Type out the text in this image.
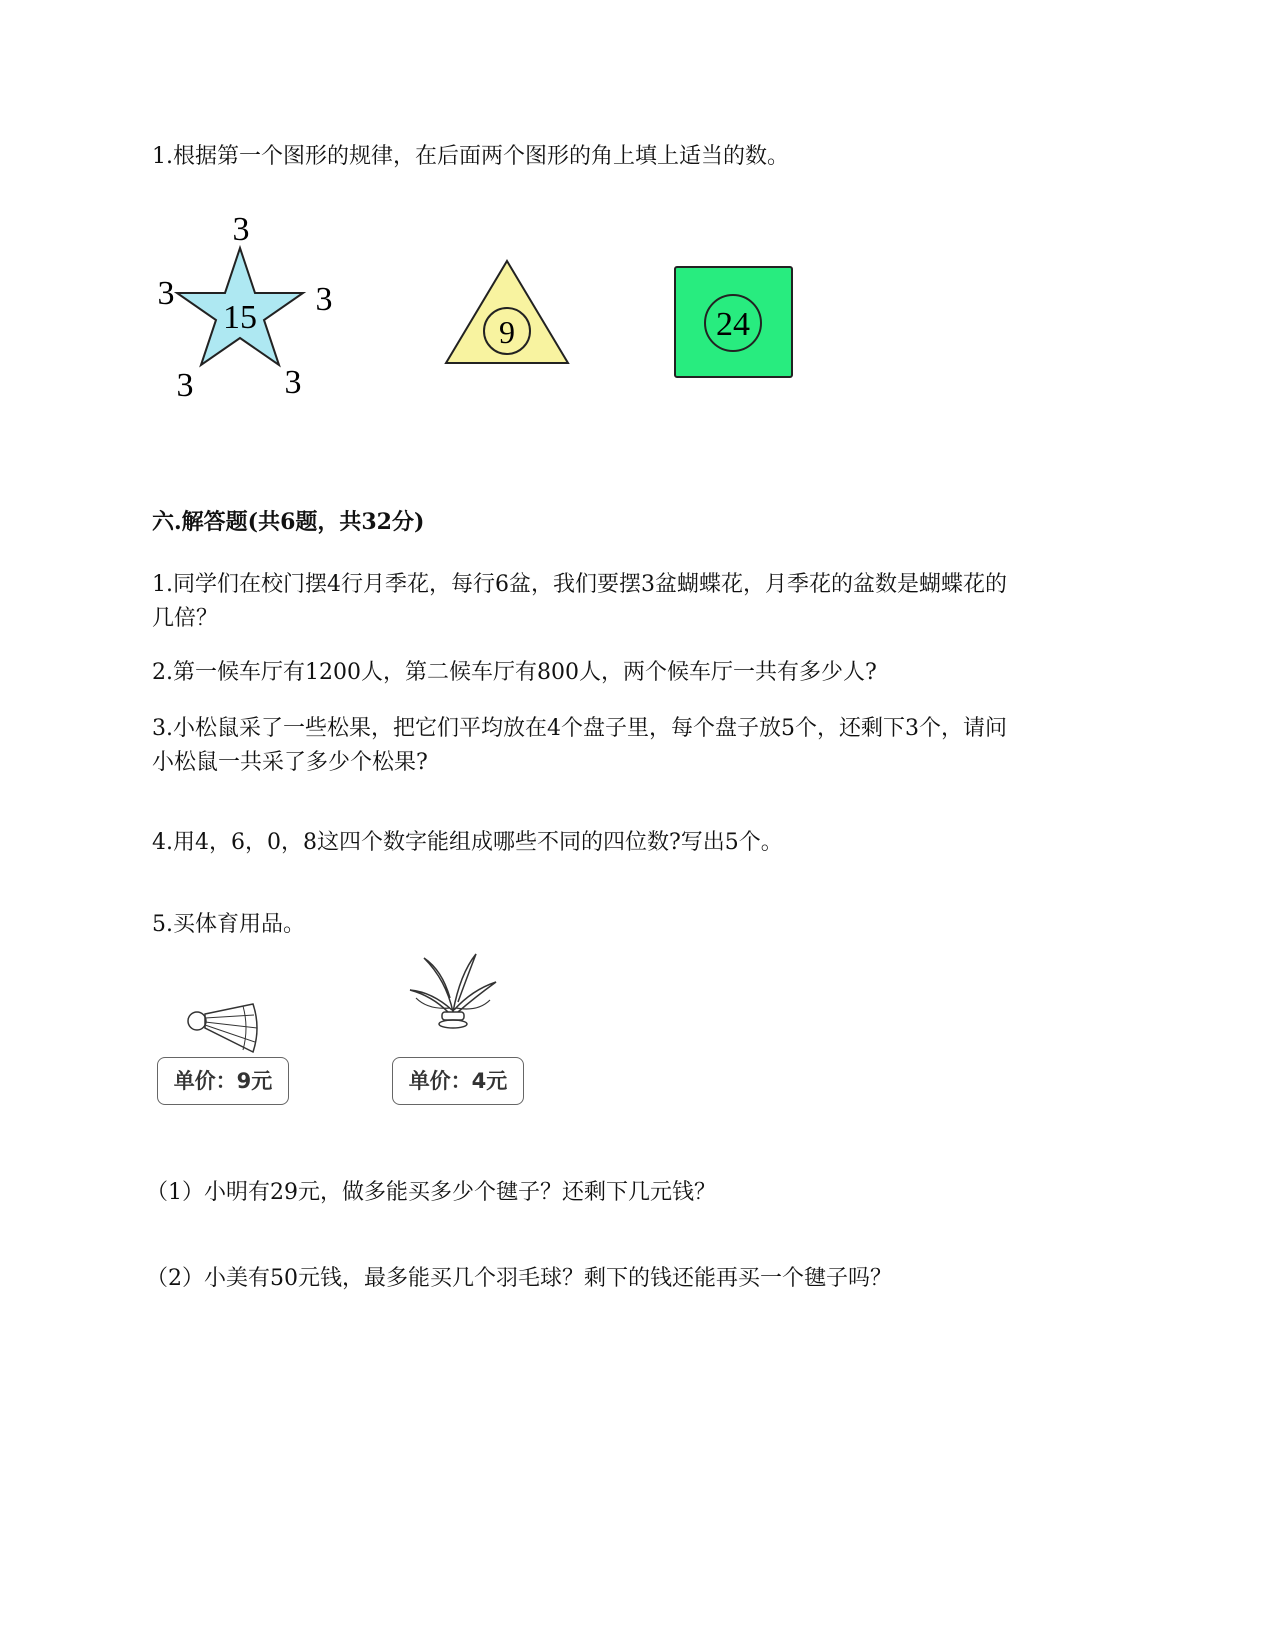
1.根据第一个图形的规律，在后面两个图形的角上填上适当的数。
15
3
3	3
3	3
9	24
六.解答题(共6题，共32分)
1.同学们在校门摆4行月季花，每行6盆，我们要摆3盆蝴蝶花，月季花的盆数是蝴蝶花的
几倍？
2.第一候车厅有1200人，第二候车厅有800人，两个候车厅一共有多少人?
3.小松鼠采了一些松果，把它们平均放在4个盘子里，每个盘子放5个，还剩下3个，请问
小松鼠一共采了多少个松果?
4.用4，6，0，8这四个数字能组成哪些不同的四位数?写出5个。
5.买体育用品。
单价：9元	单价：4元
（1）小明有29元，做多能买多少个毽子？还剩下几元钱？
（2）小美有50元钱，最多能买几个羽毛球？剩下的钱还能再买一个毽子吗？
